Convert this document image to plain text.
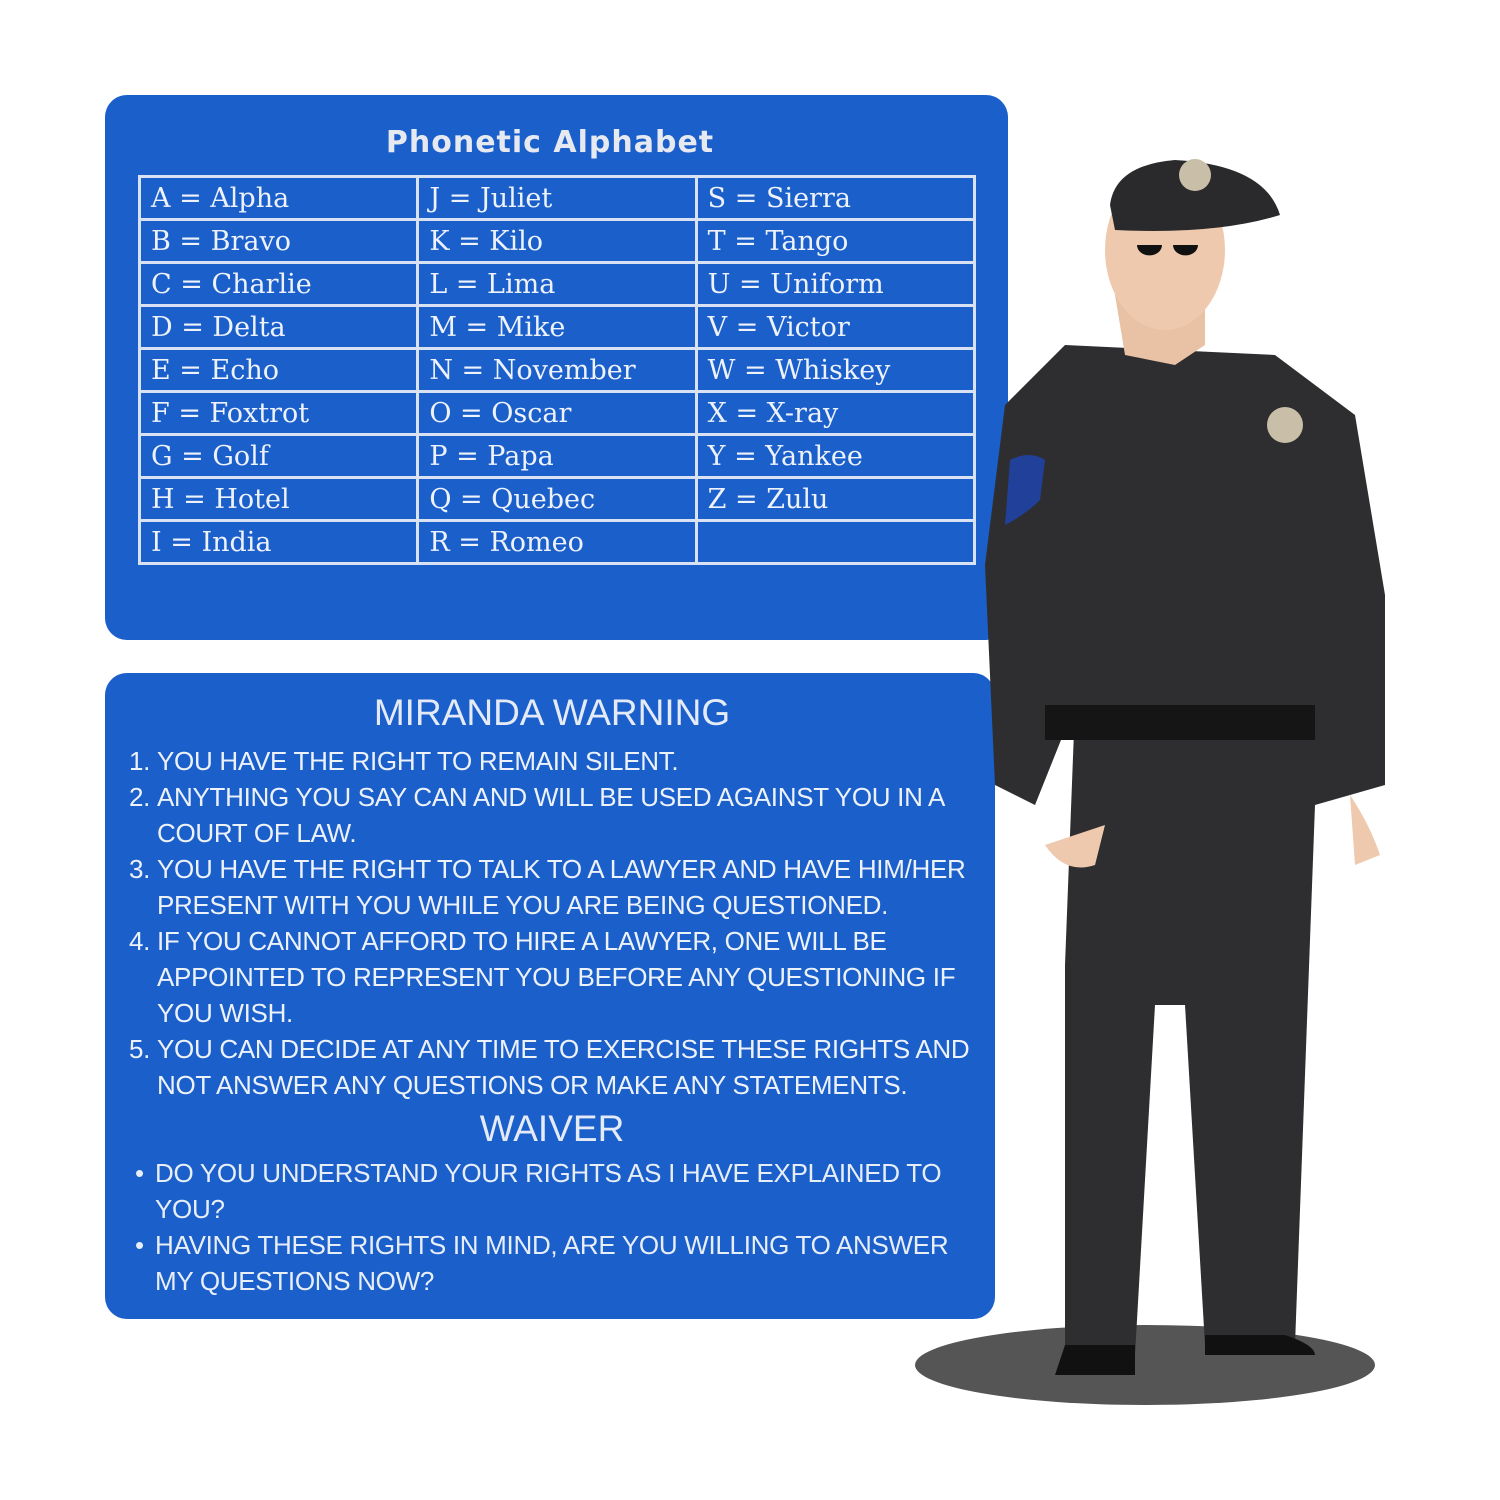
Phonetic Alphabet
A = Alpha	J = Juliet	S = Sierra
B = Bravo	K = Kilo	T = Tango
C = Charlie	L = Lima	U = Uniform
D = Delta	M = Mike	V = Victor
E = Echo	N = November	W = Whiskey
F = Foxtrot	O = Oscar	X = X-ray
G = Golf	P = Papa	Y = Yankee
H = Hotel	Q = Quebec	Z = Zulu
I = India	R = Romeo	
MIRANDA WARNING
1. YOU HAVE THE RIGHT TO REMAIN SILENT.
2. ANYTHING YOU SAY CAN AND WILL BE USED AGAINST YOU IN A COURT OF LAW.
3. YOU HAVE THE RIGHT TO TALK TO A LAWYER AND HAVE HIM/HER PRESENT WITH YOU WHILE YOU ARE BEING QUESTIONED.
4. IF YOU CANNOT AFFORD TO HIRE A LAWYER, ONE WILL BE APPOINTED TO REPRESENT YOU BEFORE ANY QUESTIONING IF YOU WISH.
5. YOU CAN DECIDE AT ANY TIME TO EXERCISE THESE RIGHTS AND NOT ANSWER ANY QUESTIONS OR MAKE ANY STATEMENTS.
WAIVER
• DO YOU UNDERSTAND YOUR RIGHTS AS I HAVE EXPLAINED TO YOU?
• HAVING THESE RIGHTS IN MIND, ARE YOU WILLING TO ANSWER MY QUESTIONS NOW?
